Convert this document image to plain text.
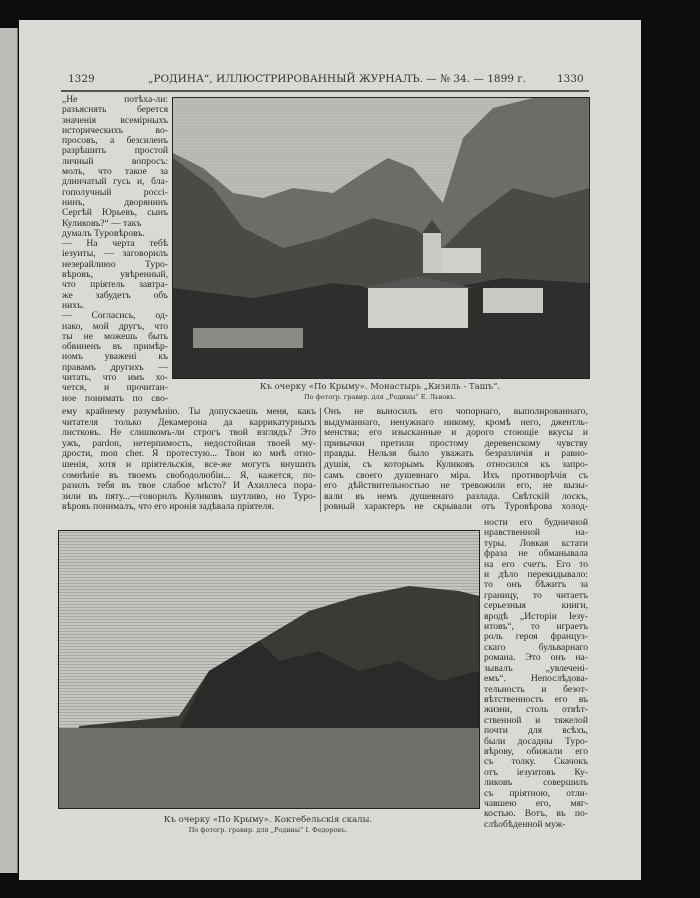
1329	„РОДИНА“, ИЛЛЮСТРИРОВАННЫЙ ЖУРНАЛЪ. — № 34. — 1899 г.	1330
Къ очерку «По Крыму». Монастырь „Кизиль - Ташъ“.
По фотогр. гравир. для „Родины“ Е. Львовъ.
„Не потѣха-ли:
разъяснять берется
значенія всемірныхъ
историческихъ во-
просовъ, а безсиленъ
разрѣшить простой
личный вопросъ:
молъ, что такое за
длинчатый гусь и, бла-
гополучный россі-
нинъ, дворянинъ
Сергѣй Юрьевъ, сынъ
Куликовъ?“ — такъ
думалъ Туровѣровъ.
— На черта тебѣ
іезуиты, — заговорилъ
незерайлиюо Туро-
вѣровъ, увѣренный,
что пріятель завтра-
же забудетъ объ
нихъ.
— Согласись, од-
нако, мой другъ, что
ты не можешь быть
обвиненъ въ примѣр-
номъ уважені къ
правамъ другихъ —
читать, что имъ хо-
чется, и прочитан-
ное понимать по сво-
ему крайнему разумѣнію. Ты допускаешь меня, какъ
читателя только Декамерона да каррикатурныхъ
листковъ. Не слишкомъ-ли строгъ твой взглядъ? Это
ужъ, pardon, нетерпимость, недостойная твоей му-
дрости, mon cher. Я протестую... Твои ко мнѣ отно-
шенія, хотя и пріятельскія, все-же могутъ внушить
сомнѣніе въ твоемъ свободолюбіи... Я, кажется, по-
разилъ тебя въ твое слабое мѣсто? И Ахиллеса пора-
зили въ пяту...—говорилъ Куликовъ шутливо, но Туро-
вѣровъ понималъ, что его иронія задѣвала пріятеля.
Онъ не выносилъ его чопорнаго, выполированнаго,
выдуманнаго, ненужнаго никому, кромѣ него, джентль-
менства; его изысканные и дорого стоющіе вкусы и
привычки претили простому деревенскому чувству
правды. Нельзя было уважать безразличія и равно-
душія, съ которымъ Куликовъ относился къ запро-
самъ своего душевнаго міра. Ихъ противорѣчія съ
его дѣйствительностью не тревожили его, не вызы-
вали въ немъ душевнаго разлада. Свѣтскій лоскъ,
ровный характеръ не скрывали отъ Туровѣрова холод-
Къ очерку «По Крыму». Коктебельскія скалы.
По фотогр. гравир. для „Родины“ I. Федоровъ.
ности его будничной
нравственной на-
туры. Ловкая кстати
фраза не обманывала
на его счетъ. Его то
и дѣло перекидывало:
то онъ бѣжитъ за
границу, то читаетъ
серьезныя книги,
вродѣ „Исторіи Іезу-
итовъ“, то играетъ
роль героя француз-
скаго бульварнаго
романа. Это онъ на-
зывалъ „увлечені-
емъ“. Непослѣдова-
тельность и безот-
вѣтственность его въ
жизни, столь отвѣт-
ственной и тяжелой
почти для всѣхъ,
были досадны Туро-
вѣрову, обижали его
съ толку. Скачокъ
отъ іезуитовъ Ку-
ликовъ совершилъ
съ пріятною, отли-
чавшею его, мяг-
костью. Вотъ, въ по-
слѣобѣденной муж-
